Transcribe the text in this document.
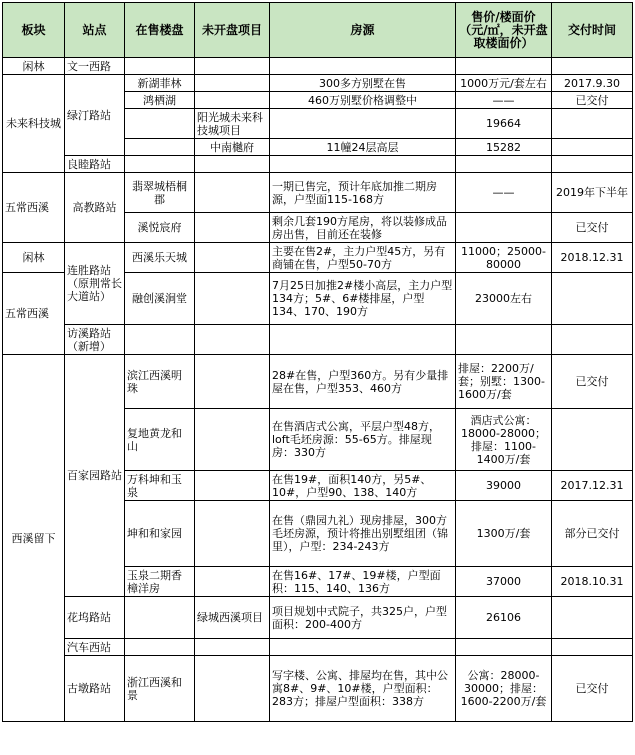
板块	站点	在售楼盘	未开盘项目	房源	售价/楼面价（元/㎡，未开盘取楼面价）	交付时间
闲林	文一西路					
未来科技城	绿汀路站	新湖菲林		300多方别墅在售	1000万元/套左右	2017.9.30
		鸿栖湖		460万别墅价格调整中	——	已交付
			阳光城未来科技城项目		19664	
			中南樾府	11幢24层高层	15282	
	良睦路站					
五常西溪	高教路站	翡翠城梧桐郡		一期已售完，预计年底加推二期房源，户型面115-168方	——	2019年下半年
		溪悦宸府		剩余几套190方尾房，将以装修成品房出售，目前还在装修		已交付
闲林	连胜路站（原荆常长大道站）	西溪乐天城		主要在售2#，主力户型45方，另有商铺在售，户型50-70方	11000；25000-80000	2018.12.31
五常西溪		融创溪涧堂		7月25日加推2#楼小高层，主力户型134方；5#、6#楼排屋，户型134、170、190方	23000左右	
	访溪路站（新增）					
西溪留下	百家园路站	滨江西溪明珠		28#在售，户型360方。另有少量排屋在售，户型353、460方	排屋：2200万/套；别墅：1300-1600万/套	已交付
		复地黄龙和山		在售酒店式公寓，平层户型48方，loft毛坯房源：55-65方。排屋现房：330方	酒店式公寓：18000-28000；排屋：1100-1400万/套	
		万科坤和玉泉		在售19#，面积140方，另5#、10#，户型90、138、140方	39000	2017.12.31
		坤和和家园		在售（鼎园九礼）现房排屋，300方毛坯房源，预计将推出别墅组团（锦里），户型：234-243方	1300万/套	部分已交付
		玉泉二期香樟洋房		在售16#、17#、19#楼，户型面积：115、140、136方	37000	2018.10.31
	花坞路站		绿城西溪项目	项目规划中式院子，共325户，户型面积：200-400方	26106	
	汽车西站					
	古墩路站	浙江西溪和景		写字楼、公寓、排屋均在售，其中公寓8#、9#、10#楼，户型面积：283方；排屋户型面积：338方	公寓：28000-30000；排屋：1600-2200万/套	已交付
